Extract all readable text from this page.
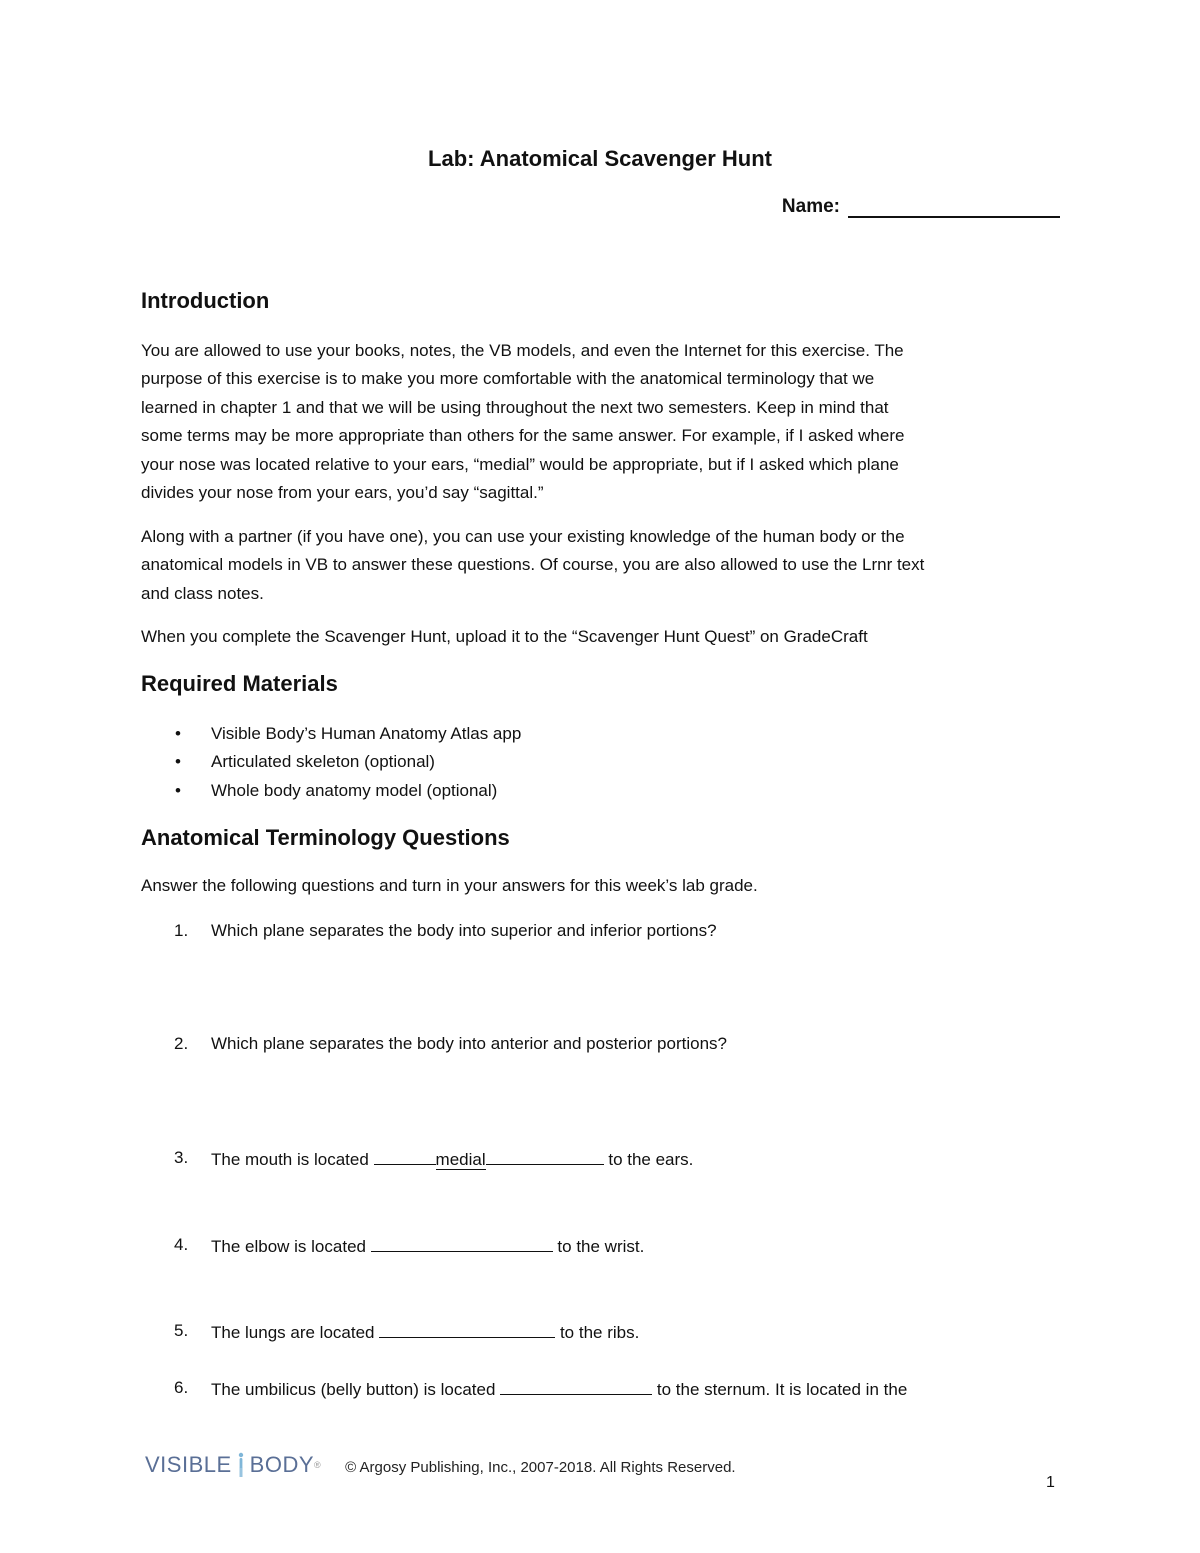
Lab: Anatomical Scavenger Hunt
Name:
Introduction
You are allowed to use your books, notes, the VB models, and even the Internet for this exercise. The
purpose of this exercise is to make you more comfortable with the anatomical terminology that we
learned in chapter 1 and that we will be using throughout the next two semesters. Keep in mind that
some terms may be more appropriate than others for the same answer. For example, if I asked where
your nose was located relative to your ears, “medial” would be appropriate, but if I asked which plane
divides your nose from your ears, you’d say “sagittal.”
Along with a partner (if you have one), you can use your existing knowledge of the human body or the
anatomical models in VB to answer these questions. Of course, you are also allowed to use the Lrnr text
and class notes.
When you complete the Scavenger Hunt, upload it to the “Scavenger Hunt Quest” on GradeCraft
Required Materials
•	Visible Body’s Human Anatomy Atlas app
•	Articulated skeleton (optional)
•	Whole body anatomy model (optional)
Anatomical Terminology Questions
Answer the following questions and turn in your answers for this week’s lab grade.
1.	Which plane separates the body into superior and inferior portions?
2.	Which plane separates the body into anterior and posterior portions?
3.	The mouth is located	medial	to the ears.
4.	The elbow is located	to the wrist.
5.	The lungs are located	to the ribs.
6.	The umbilicus (belly button) is located	to the sternum. It is located in the
VISIBLE BODY ® © Argosy Publishing, Inc., 2007-2018. All Rights Reserved.
1
